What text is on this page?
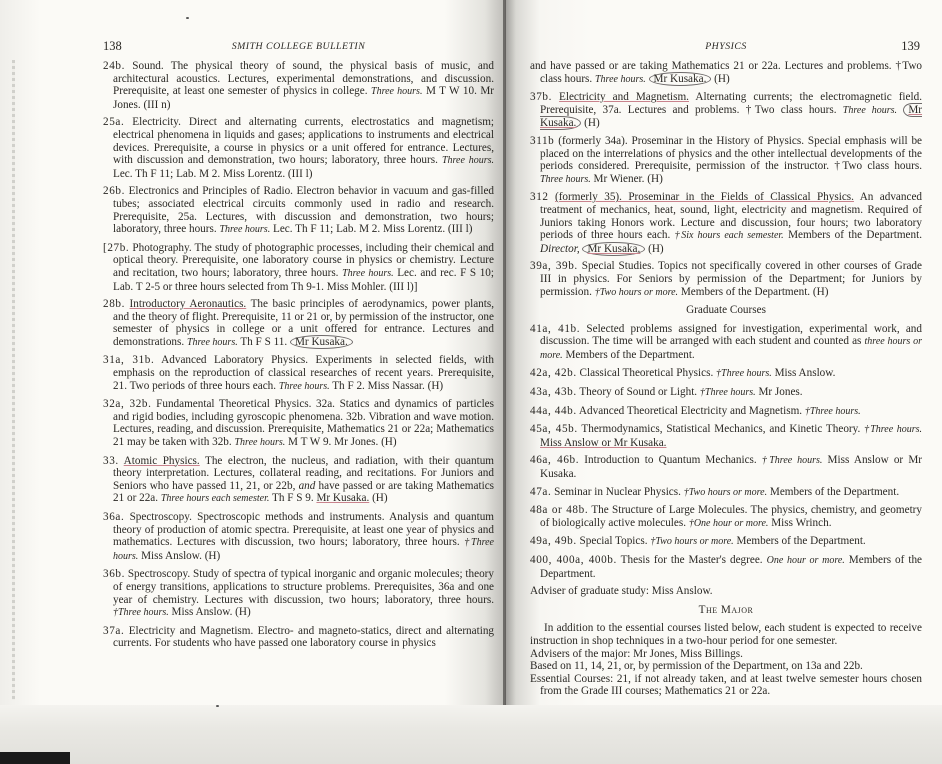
138	SMITH COLLEGE BULLETIN

24b. Sound. The physical theory of sound, the physical basis of music, and architectural acoustics. Lectures, experimental demonstrations, and discussion. Prerequisite, at least one semester of physics in college. Three hours. M T W 10. Mr Jones. (III n)

25a. Electricity. Direct and alternating currents, electrostatics and magnetism; electrical phenomena in liquids and gases; applications to instruments and electrical devices. Prerequisite, a course in physics or a unit offered for entrance. Lectures, with discussion and demonstration, two hours; laboratory, three hours. Three hours. Lec. Th F 11; Lab. M 2. Miss Lorentz. (III l)

26b. Electronics and Principles of Radio. Electron behavior in vacuum and gas-filled tubes; associated electrical circuits commonly used in radio and research. Prerequisite, 25a. Lectures, with discussion and demonstration, two hours; laboratory, three hours. Three hours. Lec. Th F 11; Lab. M 2. Miss Lorentz. (III l)

[27b. Photography. The study of photographic processes, including their chemical and optical theory. Prerequisite, one laboratory course in physics or chemistry. Lecture and recitation, two hours; laboratory, three hours. Three hours. Lec. and rec. F S 10; Lab. T 2-5 or three hours selected from Th 9-1. Miss Mohler. (III l)]

28b. Introductory Aeronautics. The basic principles of aerodynamics, power plants, and the theory of flight. Prerequisite, 11 or 21 or, by permission of the instructor, one semester of physics in college or a unit offered for entrance. Lectures and demonstrations. Three hours. Th F S 11. Mr Kusaka.

31a, 31b. Advanced Laboratory Physics. Experiments in selected fields, with emphasis on the reproduction of classical researches of recent years. Prerequisite, 21. Two periods of three hours each. Three hours. Th F 2. Miss Nassar. (H)

32a, 32b. Fundamental Theoretical Physics. 32a. Statics and dynamics of particles and rigid bodies, including gyroscopic phenomena. 32b. Vibration and wave motion. Lectures, reading, and discussion. Prerequisite, Mathematics 21 or 22a; Mathematics 21 may be taken with 32b. Three hours. M T W 9. Mr Jones. (H)

33. Atomic Physics. The electron, the nucleus, and radiation, with their quantum theory interpretation. Lectures, collateral reading, and recitations. For Juniors and Seniors who have passed 11, 21, or 22b, and have passed or are taking Mathematics 21 or 22a. Three hours each semester. Th F S 9. Mr Kusaka. (H)

36a. Spectroscopy. Spectroscopic methods and instruments. Analysis and quantum theory of production of atomic spectra. Prerequisite, at least one year of physics and mathematics. Lectures with discussion, two hours; laboratory, three hours. †Three hours. Miss Anslow. (H)

36b. Spectroscopy. Study of spectra of typical inorganic and organic molecules; theory of energy transitions, applications to structure problems. Prerequisites, 36a and one year of chemistry. Lectures with discussion, two hours; laboratory, three hours. †Three hours. Miss Anslow. (H)

37a. Electricity and Magnetism. Electro- and magneto-statics, direct and alternating currents. For students who have passed one laboratory course in physics

PHYSICS	139

and have passed or are taking Mathematics 21 or 22a. Lectures and problems. †Two class hours. Three hours. Mr Kusaka. (H)

37b. Electricity and Magnetism. Alternating currents; the electromagnetic field. Prerequisite, 37a. Lectures and problems. †Two class hours. Three hours. Mr Kusaka. (H)

311b (formerly 34a). Proseminar in the History of Physics. Special emphasis will be placed on the interrelations of physics and the other intellectual developments of the periods considered. Prerequisite, permission of the instructor. †Two class hours. Three hours. Mr Wiener. (H)

312 (formerly 35). Proseminar in the Fields of Classical Physics. An advanced treatment of mechanics, heat, sound, light, electricity and magnetism. Required of Juniors taking Honors work. Lecture and discussion, four hours; two laboratory periods of three hours each. †Six hours each semester. Members of the Department. Director, Mr Kusaka. (H)

39a, 39b. Special Studies. Topics not specifically covered in other courses of Grade III in physics. For Seniors by permission of the Department; for Juniors by permission. †Two hours or more. Members of the Department. (H)

Graduate Courses

41a, 41b. Selected problems assigned for investigation, experimental work, and discussion. The time will be arranged with each student and counted as three hours or more. Members of the Department.

42a, 42b. Classical Theoretical Physics. †Three hours. Miss Anslow.

43a, 43b. Theory of Sound or Light. †Three hours. Mr Jones.

44a, 44b. Advanced Theoretical Electricity and Magnetism. †Three hours.

45a, 45b. Thermodynamics, Statistical Mechanics, and Kinetic Theory. †Three hours. Miss Anslow or Mr Kusaka.

46a, 46b. Introduction to Quantum Mechanics. †Three hours. Miss Anslow or Mr Kusaka.

47a. Seminar in Nuclear Physics. †Two hours or more. Members of the Department.

48a or 48b. The Structure of Large Molecules. The physics, chemistry, and geometry of biologically active molecules. †One hour or more. Miss Wrinch.

49a, 49b. Special Topics. †Two hours or more. Members of the Department.

400, 400a, 400b. Thesis for the Master's degree. One hour or more. Members of the Department.

Adviser of graduate study: Miss Anslow.

The Major

In addition to the essential courses listed below, each student is expected to receive instruction in shop techniques in a two-hour period for one semester.

Advisers of the major: Mr Jones, Miss Billings.

Based on 11, 14, 21, or, by permission of the Department, on 13a and 22b.

Essential Courses: 21, if not already taken, and at least twelve semester hours chosen from the Grade III courses; Mathematics 21 or 22a.
